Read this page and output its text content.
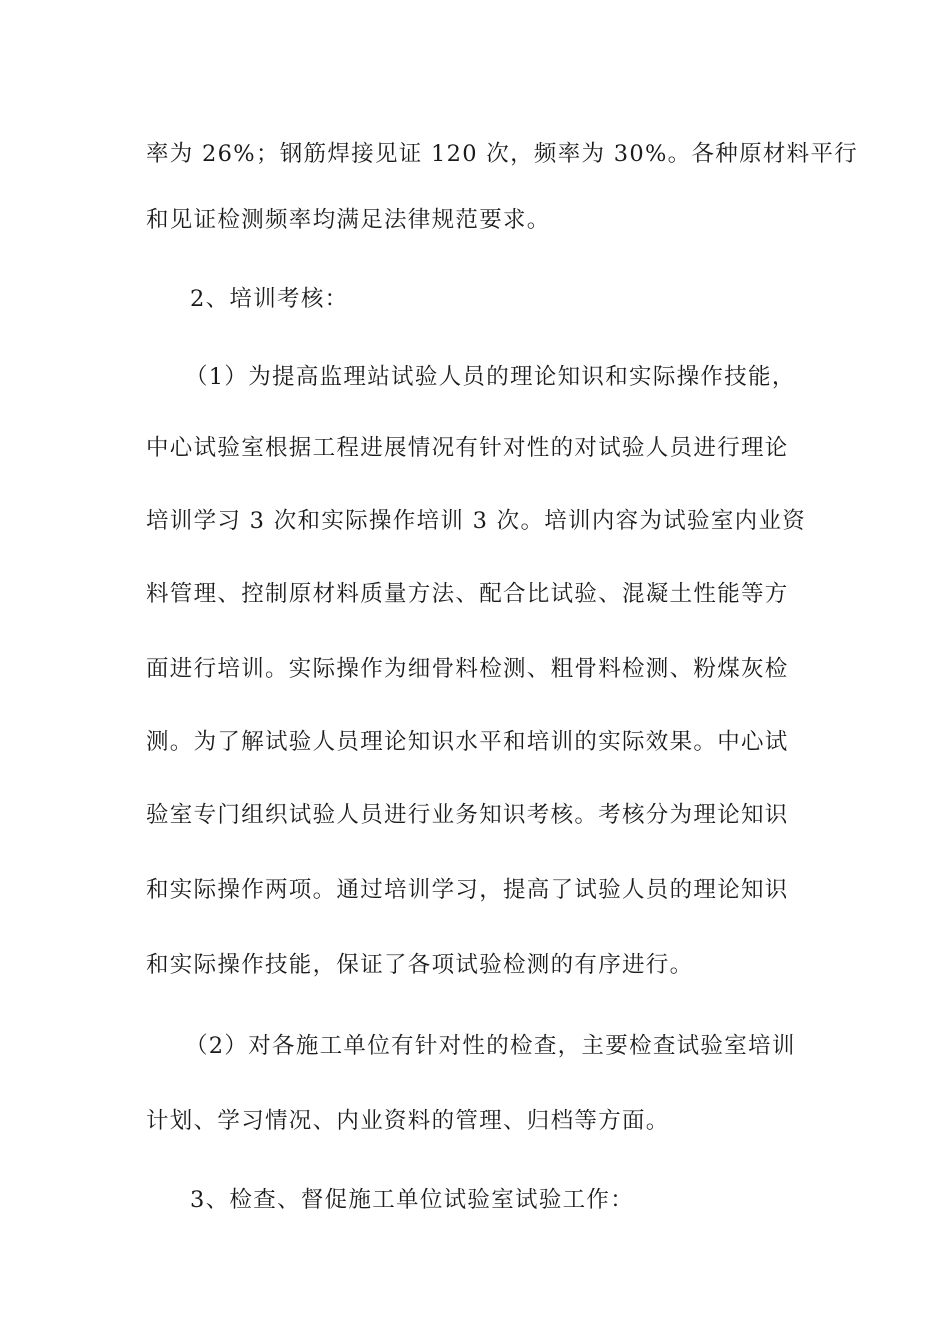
率为 26%；钢筋焊接见证 120 次，频率为 30%。各种原材料平行
和见证检测频率均满足法律规范要求。
2、培训考核：
（1）为提高监理站试验人员的理论知识和实际操作技能，
中心试验室根据工程进展情况有针对性的对试验人员进行理论
培训学习 3 次和实际操作培训 3 次。培训内容为试验室内业资
料管理、控制原材料质量方法、配合比试验、混凝土性能等方
面进行培训。实际操作为细骨料检测、粗骨料检测、粉煤灰检
测。为了解试验人员理论知识水平和培训的实际效果。中心试
验室专门组织试验人员进行业务知识考核。考核分为理论知识
和实际操作两项。通过培训学习，提高了试验人员的理论知识
和实际操作技能，保证了各项试验检测的有序进行。
（2）对各施工单位有针对性的检查，主要检查试验室培训
计划、学习情况、内业资料的管理、归档等方面。
3、检查、督促施工单位试验室试验工作：
